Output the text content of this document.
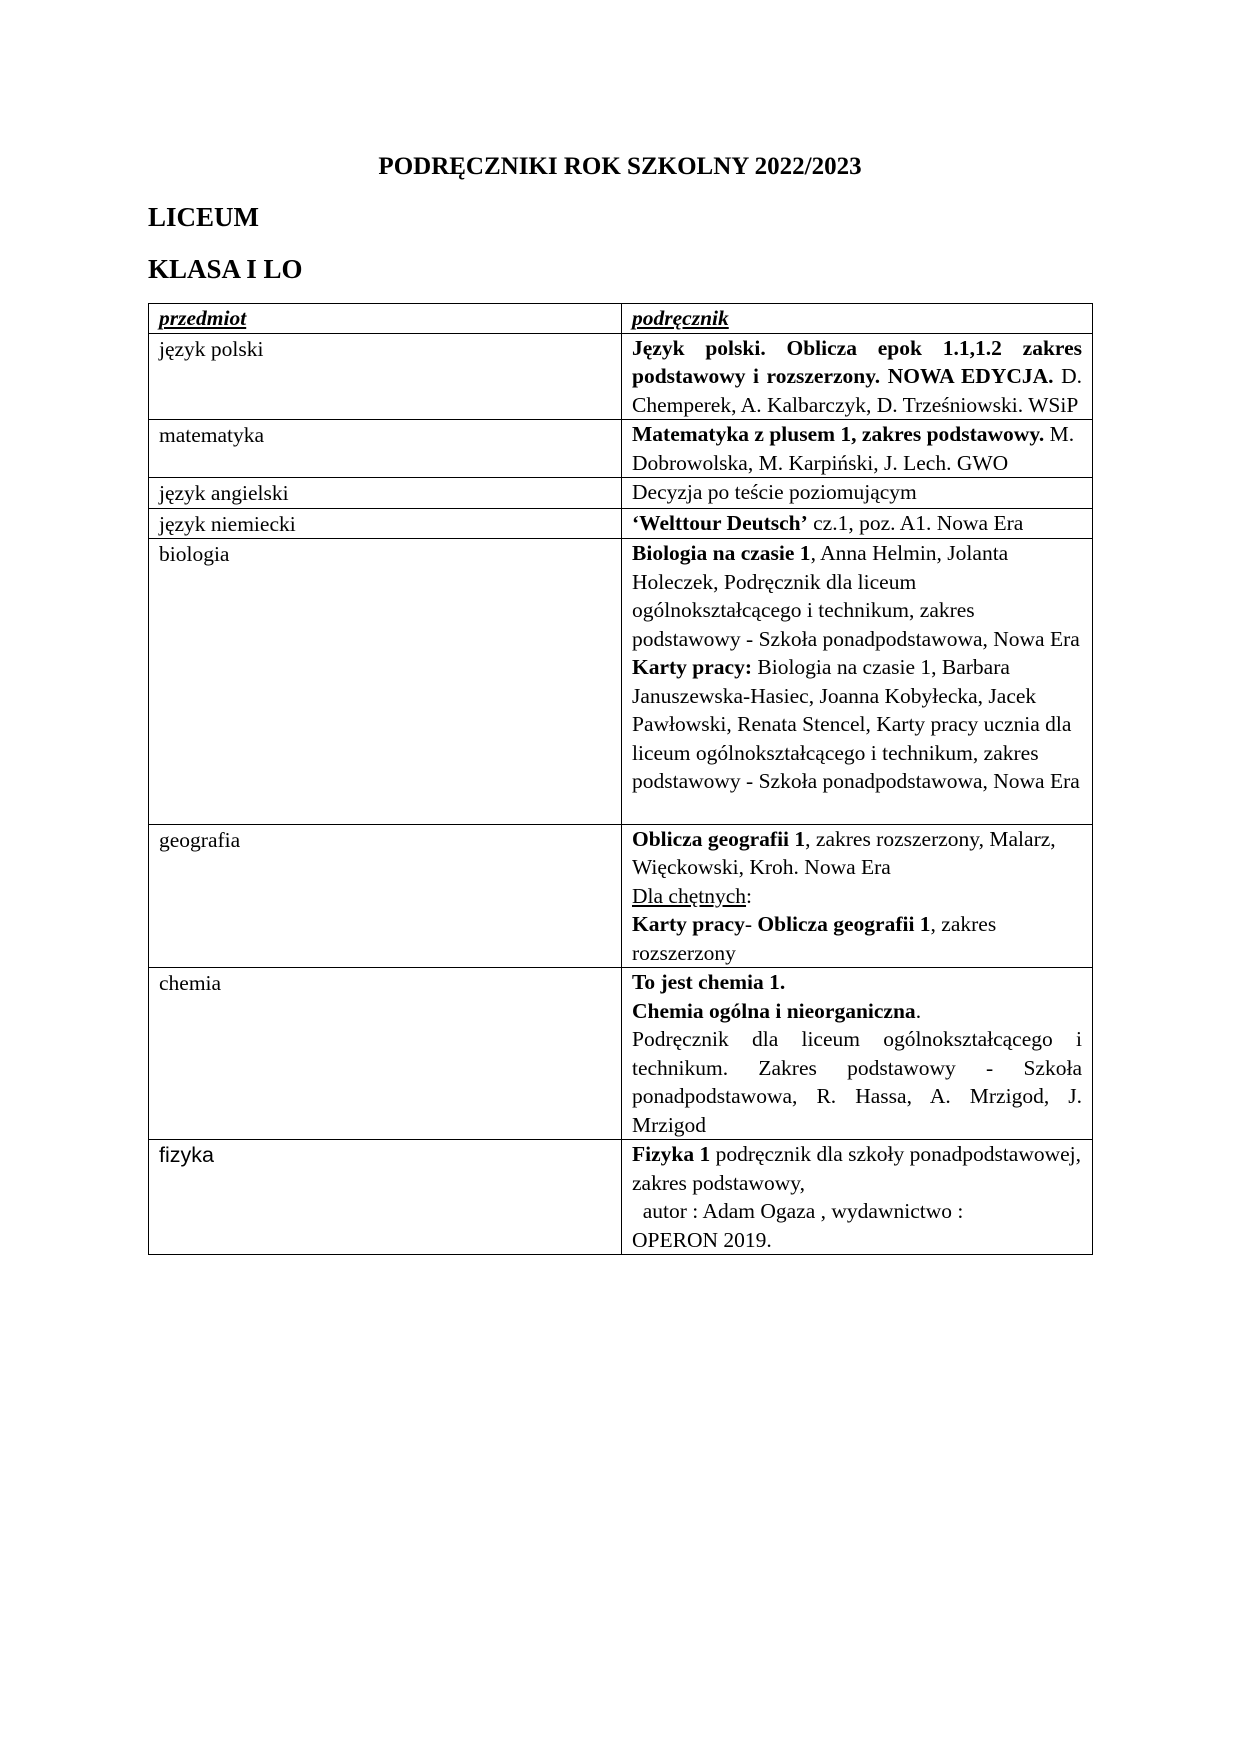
PODRĘCZNIKI ROK SZKOLNY 2022/2023
LICEUM
KLASA I LO
przedmiot	podręcznik
język polski	Język polski. Oblicza epok 1.1,1.2 zakres podstawowy i rozszerzony. NOWA EDYCJA. D. Chemperek, A. Kalbarczyk, D. Trześniowski. WSiP
matematyka	Matematyka z plusem 1, zakres podstawowy. M. Dobrowolska, M. Karpiński, J. Lech. GWO
język angielski	Decyzja po teście poziomującym
język niemiecki	‘Welttour Deutsch’ cz.1, poz. A1. Nowa Era
biologia	Biologia na czasie 1, Anna Helmin, Jolanta Holeczek, Podręcznik dla liceum ogólnokształcącego i technikum, zakres podstawowy - Szkoła ponadpodstawowa, Nowa Era
Karty pracy: Biologia na czasie 1, Barbara Januszewska-Hasiec, Joanna Kobyłecka, Jacek Pawłowski, Renata Stencel, Karty pracy ucznia dla liceum ogólnokształcącego i technikum, zakres podstawowy - Szkoła ponadpodstawowa, Nowa Era

geografia	Oblicza geografii 1, zakres rozszerzony, Malarz, Więckowski, Kroh. Nowa Era
Dla chętnych:
Karty pracy- Oblicza geografii 1, zakres rozszerzony

chemia	To jest chemia 1.
Chemia ogólna i nieorganiczna.
Podręcznik dla liceum ogólnokształcącego i technikum. Zakres podstawowy - Szkoła ponadpodstawowa, R. Hassa, A. Mrzigod, J. Mrzigod

fizyka	Fizyka 1 podręcznik dla szkoły ponadpodstawowej, zakres podstawowy,
autor : Adam Ogaza , wydawnictwo :
OPERON 2019.
